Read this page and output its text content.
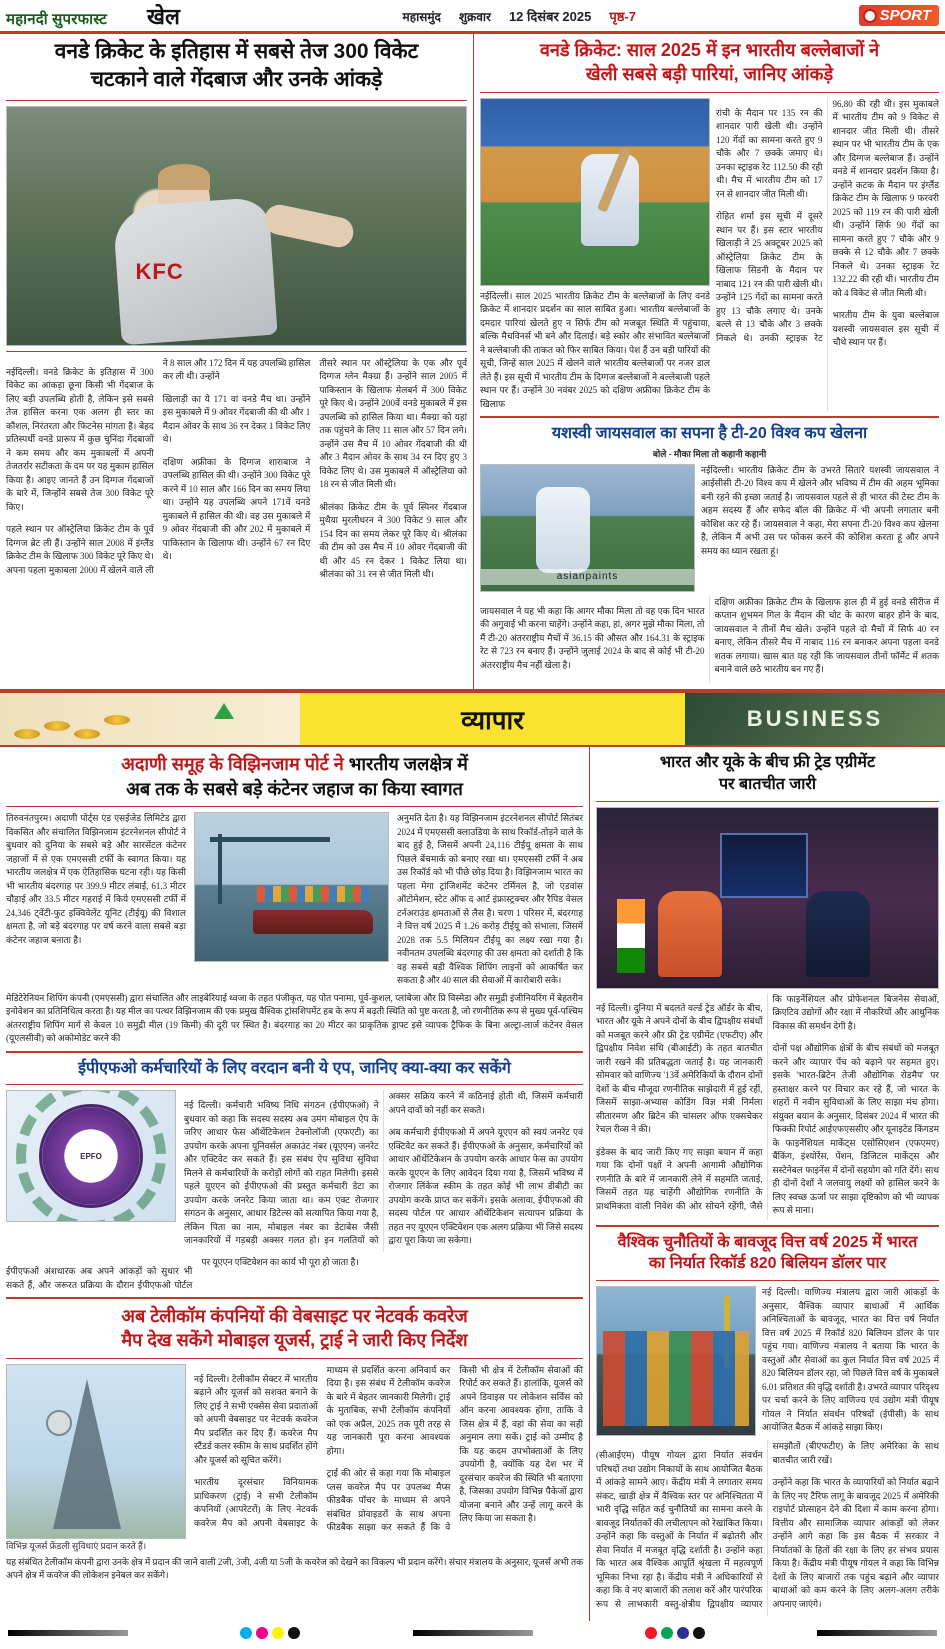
महानदी सुपरफास्ट खेल	महासमुंद शुक्रवार 12 दिसंबर 2025 पृष्ठ-7	SPORT
वनडे क्रिकेट के इतिहास में सबसे तेज 300 विकेट
चटकाने वाले गेंदबाज और उनके आंकड़े
KFC

नईदिल्ली। वनडे क्रिकेट के इतिहास में 300 विकेट का आंकड़ा छूना किसी भी गेंदबाज के लिए बड़ी उपलब्धि होती है, लेकिन इसे सबसे तेज हासिल करना एक अलग ही स्तर का कौशल, निरंतरता और फिटनेस मांगता है। बेहद प्रतिस्पर्धी वनडे प्रारूप में कुछ चुनिंदा गेंदबाजों ने कम समय और कम मुकाबलों में अपनी तेजतर्रार सटीकता के दम पर यह मुकाम हासिल किया है। आइए जानते हैं उन दिग्गज गेंदबाजों के बारे में, जिन्होंने सबसे तेज 300 विकेट पूरे किए।

पहले स्थान पर ऑस्ट्रेलिया क्रिकेट टीम के पूर्व दिग्गज ब्रेट ली हैं। उन्होंने साल 2008 में इंग्लैंड क्रिकेट टीम के खिलाफ 300 विकेट पूरे किए थे। अपना पहला मुकाबला 2000 में खेलने वाले ली ने 8 साल और 172 दिन में यह उपलब्धि हासिल कर ली थी। उन्होंने

खिलाड़ी का ये 171 वां वनडे मैच था। उन्होंने इस मुकाबले में 9 ओवर गेंदबाजी की थी और 1 मैदान ओवर के साथ 36 रन देकर 1 विकेट लिए थे।

दक्षिण अफ्रीका के दिग्गज शाराबाज ने उपलब्धि हासिल की थी। उन्होंने 300 विकेट पूरे करने में 10 साल और 166 दिन का समय लिया था। उन्होंने यह उपलब्धि अपने 171वें वनडे मुकाबले में हासिल की थी। वह उस मुकाबले में 9 ओवर गेंदबाजी की और 202 में मुकाबले में पाकिस्तान के खिलाफ थी। उन्होंने 67 रन दिए थे।

तीसरे स्थान पर ऑस्ट्रेलिया के एक और पूर्व दिग्गज ग्लेन मैक्ग्रा हैं। उन्होंने साल 2005 में पाकिस्तान के खिलाफ मेलबर्न में 300 विकेट पूरे किए थे। उन्होंने 200वें वनडे मुकाबले में इस उपलब्धि को हासिल किया था। मैक्ग्रा को यहां तक पहुंचने के लिए 11 साल और 57 दिन लगे। उन्होंने उस मैच में 10 ओवर गेंदबाजी की थी और 3 मैदान ओवर के साथ 34 रन दिए हुए 3 विकेट लिए थे। उस मुकाबले में ऑस्ट्रेलिया को 18 रन से जीत मिली थी।

श्रीलंका क्रिकेट टीम के पूर्व स्पिनर गेंदबाज मुथैया मुरलीधरन ने 300 विकेट 9 साल और 154 दिन का समय लेकर पूरे किए थे। श्रीलंका की टीम को उस मैच में 10 ओवर गेंदबाजी की थी और 45 रन देकर 1 विकेट लिया था। श्रीलंका को 31 रन से जीत मिली थी।

वनडे क्रिकेट: साल 2025 में इन भारतीय बल्लेबाजों ने
खेली सबसे बड़ी पारियां, जानिए आंकड़े
नईदिल्ली। साल 2025 भारतीय क्रिकेट टीम के बल्लेबाजों के लिए वनडे क्रिकेट में शानदार प्रदर्शन का साल साबित हुआ। भारतीय बल्लेबाजों के दमदार पारियां खेलते हुए न सिर्फ टीम को मजबूत स्थिति में पहुंचाया, बल्कि मैचविनर्स भी बने और दिलाई। बड़े स्कोर और संभावित बल्लेबाजों ने बल्लेबाजी की ताकत को फिर साबित किया। पेश हैं उन बड़ी पारियों की सूची, जिन्हें साल 2025 में खेलने वाले भारतीय बल्लेबाजों पर नजर डाल लेते हैं। इस सूची में भारतीय टीम के दिग्गज बल्लेबाजों ने बल्लेबाजी पहले स्थान पर हैं। उन्होंने 30 नवंबर 2025 को दक्षिण अफ्रीका क्रिकेट टीम के खिलाफ

रांची के मैदान पर 135 रन की शानदार पारी खेली थी। उन्होंने 120 गेंदों का सामना करते हुए 9 चौके और 7 छक्के जमाए थे। उनका स्ट्राइक रेट 112.50 की रही थी। मैच में भारतीय टीम को 17 रन से शानदार जीत मिली थी।

रोहित शर्मा इस सूची में दूसरे स्थान पर हैं। इस स्टार भारतीय खिलाड़ी ने 25 अक्टूबर 2025 को ऑस्ट्रेलिया क्रिकेट टीम के खिलाफ सिडनी के मैदान पर नाबाद 121 रन की पारी खेली थी। उन्होंने 125 गेंदों का सामना करते हुए 13 चौके लगाए थे। उनके बल्ले से 13 चौके और 3 छक्के निकले थे। उनकी स्ट्राइक रेट 96.80 की रही थी। इस मुकाबले में भारतीय टीम को 9 विकेट से शानदार जीत मिली थी। तीसरे स्थान पर भी भारतीय टीम के एक और दिग्गज बल्लेबाज हैं। उन्होंने वनडे में शानदार प्रदर्शन किया है। उन्होंने कटक के मैदान पर इंग्लैंड क्रिकेट टीम के खिलाफ 9 फरवरी 2025 को 119 रन की पारी खेली थी। उन्होंने सिर्फ 90 गेंदों का सामना करते हुए 7 चौके और 9 छक्के से 12 चौके और 7 छक्के निकले थे। उनका स्ट्राइक रेट 132.22 की रही थी। भारतीय टीम को 4 विकेट से जीत मिली थी।

भारतीय टीम के युवा बल्लेबाज यशस्वी जायसवाल इस सूची में चौथे स्थान पर हैं।

यशस्वी जायसवाल का सपना है टी-20 विश्व कप खेलना
बोले - मौका मिला तो कहानी कहानी
asianpaints
नईदिल्ली। भारतीय क्रिकेट टीम के उभरते सितारे यशस्वी जायसवाल ने आईसीसी टी-20 विश्व कप में खेलने और भविष्य में टीम की अहम भूमिका बनी रहने की इच्छा जताई है। जायसवाल पहले से ही भारत की टेस्ट टीम के अहम सदस्य हैं और सफेद बॉल की क्रिकेट में भी अपनी लगातार बनी कोशिश कर रहे हैं। जायसवाल ने कहा, मेरा सपना टी-20 विश्व कप खेलना है, लेकिन मैं अभी उस पर फोकस करने की कोशिश करता हूं और अपने समय का ध्यान रखता हूं।

जायसवाल ने यह भी कहा कि आगर मौका मिला तो वह एक दिन भारत की अगुवाई भी करना चाहेंगे। उन्होंने कहा, हां, अगर मुझे मौका मिला, तो मैं टी-20 अंतरराष्ट्रीय मैचों में 36.15 की औसत और 164.31 के स्ट्राइक रेट से 723 रन बनाए हैं। उन्होंने जुलाई 2024 के बाद से कोई भी टी-20 अंतरराष्ट्रीय मैच नहीं खेला है।

दक्षिण अफ्रीका क्रिकेट टीम के खिलाफ हाल ही में हुई वनडे सीरीज में कप्तान शुभमन गिल के मैदान की चोट के कारण बाहर होने के बाद, जायसवाल ने तीनों मैच खेले। उन्होंने पहले दो मैचों में सिर्फ 40 रन बनाए, लेकिन तीसरे मैच में नाबाद 116 रन बनाकर अपना पहला वनडे शतक लगाया। खास बात यह रही कि जायसवाल तीनों फॉर्मेट में शतक बनाने वाले छठे भारतीय बन गए हैं।

व्यापार	BUSINESS
अदाणी समूह के विझिनजाम पोर्ट ने भारतीय जलक्षेत्र में
अब तक के सबसे बड़े कंटेनर जहाज का किया स्वागत
तिरुवनंतपुरम। अदाणी पोर्ट्स एंड एसईजेड लिमिटेड द्वारा विकसित और संचालित विझिनजाम इंटरनेशनल सीपोर्ट ने बुधवार को दुनिया के सबसे बड़े और सारसेंटल कंटेनर जहाजों में से एक एमएससी टर्फी के स्वागत किया। यह भारतीय जलक्षेत्र में एक ऐतिहासिक घटना रही। यह किसी भी भारतीय बंदरगाह पर 399.9 मीटर लंबाई, 61.3 मीटर चौड़ाई और 33.5 मीटर गहराई में किये एमएससी टर्फी में 24,346 ट्वेंटी-फुट इक्विवेलेंट यूनिट (टीईयू) की विशाल क्षमता है, जो बड़े बंदरगाह पर वर्ष करने वाला सबसे बड़ा कंटेनर जहाज बनाता है।
अनुमति देता है। यह विझिनजाम इंटरनेशनल सीपोर्ट सितंबर 2024 में एमएससी क्लाउडिया के साथ रिकॉर्ड-तोड़ने वाले के बाद हुई है, जिसमें अपनी 24,116 टीईयू क्षमता के साथ पिछले बेंचमार्क को बनाए रखा था। एमएससी टर्फी ने अब उस रिकॉर्ड को भी पीछे छोड़ दिया है। विझिनजाम भारत का पहला मेगा ट्रांजिशमेंट कंटेनर टर्मिनल है, जो एडवांस ऑटोमेशन, स्टेट ऑफ द आर्ट इंफ्रास्ट्रक्चर और रैपिड वेसल टर्नअराउंड क्षमताओं से लैस है। चरण 1 परिसर में, बंदरगाह ने वित्त वर्ष 2025 में 1.26 करोड़ टीईयू को संभाला, जिसमें 2028 तक 5.5 मिलियन टीईयू का लक्ष्य रखा गया है। नवीनतम उपलब्धि बंदरगाह की उस क्षमता को दर्शाती है कि वह सबसे बड़ी वैश्विक शिपिंग लाइनों को आकर्षित कर सकता है और 40 साल की सेवाओं में कारोबारी सके।
मेडिटेरेनियन शिपिंग कंपनी (एमएससी) द्वारा संचालित और लाइबेरियाई ध्वजा के तहत पंजीकृत, यह पोत पनामा, पूर्व-कुशल, प्लांबेजा और प्रि विस्मेडा और समुद्री इंजीनियरिंग में बेहतरीन इनोवेशन का प्रतिनिधित्व करता है। यह मील का पत्थर विझिनजाम की एक प्रमुख वैश्विक ट्रांसशिपमेंट हब के रूप में बढ़ती स्थिति को पुष्ट करता है, जो रणनीतिक रूप से मुख्य पूर्व-पश्चिम अंतरराष्ट्रीय शिपिंग मार्ग से केवल 10 समुद्री मील (19 किमी) की दूरी पर स्थित है। बंदरगाह का 20 मीटर का प्राकृतिक ड्राफ्ट इसे व्यापक ट्रैफिक के बिना अल्ट्रा-लार्ज कंटेनर वेसल (यूएलसीवी) को अकोमोडेट करने की
ईपीएफओ कर्मचारियों के लिए वरदान बनी ये एप, जानिए क्या-क्या कर सकेंगे
EPFO

नई दिल्ली। कर्मचारी भविष्य निधि संगठन (ईपीएफओ) ने बुधवार को कहा कि सदस्य सदस्य अब उमंग मोबाइल ऐप के जरिए आधार फेस ऑथेंटिकेशन टेक्नोलॉजी (एफएटी) का उपयोग करके अपना यूनिवर्सल अकाउंट नंबर (यूएएन) जनरेट और एक्टिवेट कर सकते हैं। इस संबंध ऐप सुविधा सुविधा मिलने से कर्मचारियों के करोड़ों लोगों को राहत मिलेगी। इससे पहले यूएएन को ईपीएफओ की प्रस्तुत कर्मचारी डेटा का उपयोग करके जनरेट किया जाता था। कम एक्ट रोजगार संगठन के अनुसार, आधार डिटेल्स को सत्यापित किया गया है, लेकिन पिता का नाम, मोबाइल नंबर का डेटाबेस जैसी जानकारियों में गड़बड़ी अक्सर गलत हो। इन गलतियों को अक्सर सक्रिय करने में कठिनाई होती थी, जिसमें कर्मचारी अपने दावों को नहीं कर सकते।

अब कर्मचारी ईपीएफओ में अपने यूएएन को स्वयं जनरेट एवं एक्टिवेट कर सकते हैं। ईपीएफओ के अनुसार, कर्मचारियों को आधार ऑथेंटिकेशन के उपयोग करके आधार फेस का उपयोग करके यूएएन के लिए आवेदन दिया गया है, जिसमें भविष्य में रोजगार लिंकेज स्कीम के तहत कोई भी लाभ डीबीटी का उपयोग करके प्राप्त कर सकेंगे। इसके अलावा, ईपीएफओ की सदस्य पोर्टल पर आधार ऑथेंटिकेशन सत्यापन प्रक्रिया के तहत नए यूएएन एक्टिवेशन एक अलग प्रक्रिया भी जिसे सदस्य द्वारा पूरा किया जा सकेगा।

ईपीएफओ अंशधारक अब अपने आंकड़ों को सुधार भी सकते हैं, और जरूरत प्रक्रिया के दौरान ईपीएफओ पोर्टल पर यूएएन एक्टिवेशन का कार्य भी पूरा हो जाता है।

अब टेलीकॉम कंपनियों की वेबसाइट पर नेटवर्क कवरेज
मैप देख सकेंगे मोबाइल यूजर्स, ट्राई ने जारी किए निर्देश
विभिन्न यूजर्स फ्रेंडली सुविधाएं प्रदान करते हैं।

नई दिल्ली। टेलीकॉम सेक्टर में भारतीय बढ़ाने और यूजर्स को सशक्त बनाने के लिए ट्राई ने सभी एक्सेस सेवा प्रदाताओं को अपनी वेबसाइट पर नेटवर्क कवरेज मैप प्रदर्शित कर दिए हैं। कवरेज मैप स्टैंडर्ड कलर स्कीम के साथ प्रदर्शित होंगे और यूजर्स को सूचित करेंगे।

भारतीय दूरसंचार विनियामक प्राधिकरण (ट्राई) ने सभी टेलीकॉम कंपनियों (आपरेटरों) के लिए नेटवर्क कवरेज मैप को अपनी वेबसाइट के माध्यम से प्रदर्शित करना अनिवार्य कर दिया है। इस संबंध में टेलीकॉम कवरेज के बारे में बेहतर जानकारी मिलेगी। ट्राई के मुताबिक, सभी टेलीकॉम कंपनियों को एक अप्रैल, 2025 तक पूरी तरह से यह जानकारी पूरा करना आवश्यक होगा।

ट्राई की ओर से कहा गया कि मोबाइल प्लस कवरेज मैप पर उपलब्ध मैप्स फीडबैक पॉचर के माध्यम से अपने संबंधित प्रोवाइडरों के साथ अपना फीडबैक साझा कर सकते हैं कि वे किसी भी क्षेत्र में टेलीकॉम सेवाओं की रिपोर्ट कर सकते हैं। हालांकि, यूजर्स को अपने डिवाइस पर लोकेशन सर्विस को ऑन करना आवश्यक होगा, ताकि वे जिस क्षेत्र में हैं, वहां की सेवा का सही अनुमान लगा सकें। ट्राई को उम्मीद है कि यह कदम उपभोक्ताओं के लिए उपयोगी है, क्योंकि यह देश भर में दूरसंचार कवरेज की स्थिति भी बताएगा है, जिसका उपयोग विभिन्न पैकेजों द्वारा योजना बनाने और उन्हें लागू करने के लिए किया जा सकता है।

यह संबंधित टेलीकॉम कंपनी द्वारा उनके क्षेत्र में प्रदान की जाने वाली 2जी, 3जी, 4जी या 5जी के कवरेज को देखने का विकल्प भी प्रदान करेंगे। संचार मंत्रालय के अनुसार, यूजर्स अभी तक अपने क्षेत्र में कवरेज की लोकेशन इनेबल कर सकेंगे।
भारत और यूके के बीच फ्री ट्रेड एग्रीमेंट
पर बातचीत जारी

नई दिल्ली। दुनिया में बदलते वर्ल्ड ट्रेड ऑर्डर के बीच, भारत और यूके ने अपने दोनों के बीच द्विपक्षीय संबंधों को मजबूत करने और फ्री ट्रेड एग्रीमेंट (एफटीए) और द्विपक्षीय निवेश संधि (बीआईटी) के तहत बातचीत जारी रखने की प्रतिबद्धता जताई है। यह जानकारी सोमवार को वाणिज्य '13वें अमेरिकियों के दौरान दोनों देशों के बीच मौजूदा रणनीतिक साझेदारी में हुई रहीं, जिसमें साझा-अभ्यास कोडिंग विज्ञ मंत्री निर्मला सीतारमण और ब्रिटेन की चांसलर ऑफ एक्सचेकर रेचल रीव्स ने की।

इंडेक्स के बाद जारी किए गए साझा बयान में कहा गया कि दोनों पक्षों ने अपनी आगामी औद्योगिक रणनीति के बारे में जानकारी लेने में सहमति जताई, जिसमें तहत यह चाहेंगी औद्योगिक रणनीति के प्राथमिकता वाली निवेश की ओर सोचने रहेंगी, जैसे कि फाइनेंशियल और प्रोफेशनल बिजनेस सेवाओं, क्रिएटिव उद्योगों और रक्षा में नौकरियों और आधुनिक विकास की समर्थन देगी है।

दोनों पक्ष औद्योगिक क्षेत्रों के बीच संबंधों को मजबूत करने और व्यापार पेंच को बढ़ाने पर सहमत हुए। इसके 'भारत-ब्रिटेन तेजी औद्योगिक रोडमैप' पर हस्ताक्षर करने पर विचार कर रहे हैं, जो भारत के शहरों में नवीन सुविधाओं के लिए साझा मंच होगा। संयुक्त बयान के अनुसार, दिसंबर 2024 में भारत की फिक्की रिपोर्ट आईएफएससीए और यूनाइटेड किंगडम के फाइनेंशियल मार्केट्स एसोसिएशन (एफएमए) बैंकिंग, इंश्योरेंस, पेंशन, डिजिटल मार्केट्स और सस्टेनेबल फाइनेंस में दोनों सहयोग को गति देंगे। साथ ही दोनों देशों ने जलवायु लक्ष्यों को हासिल करने के लिए स्वच्छ ऊर्जा पर साझा दृष्टिकोण को भी व्यापक रूप से माना।

वैश्विक चुनौतियों के बावजूद वित्त वर्ष 2025 में भारत
का निर्यात रिकॉर्ड 820 बिलियन डॉलर पार
नई दिल्ली। वाणिज्य मंत्रालय द्वारा जारी आंकड़ों के अनुसार, वैश्विक व्यापार बाधाओं में आर्थिक अनिश्चिताओं के बावजूद, भारत का वित्त वर्ष निर्यात वित्त वर्ष 2025 में रिकॉर्ड 820 बिलियन डॉलर के पार पहुंच गया। वाणिज्य मंत्रालय ने बताया कि भारत के वस्तुओं और सेवाओं का कुल निर्यात वित्त वर्ष 2025 में 820 बिलियन डॉलर रहा, जो पिछले वित्त वर्ष के मुकाबले 6.01 प्रतिशत की वृद्धि दर्शाती है। उभरते व्यापार परिदृश्य पर चर्चा करने के लिए वाणिज्य एवं उद्योग मंत्री पीयूष गोयल ने निर्यात संवर्धन परिषदों (ईपीसी) के साथ आयोजित बैठक में आंकड़े साझा किए।

(सीआईएम) पीयूष गोयल द्वारा निर्यात संवर्धन परिषदों तथा उद्योग निकायों के साथ आयोजित बैठक में आंकड़े सामने आए। केंद्रीय मंत्री ने लगातार समय संकट, खाड़ी क्षेत्र में वैश्विक स्तर पर अनिश्चितता में भारी वृद्धि सहित कई चुनौतियों का सामना करने के बावजूद निर्यातकों की लचीलापन को रेखांकित किया। उन्होंने कहा कि वस्तुओं के निर्यात में बढ़ोतरी और सेवा निर्यात में मजबूत वृद्धि दर्शाती है। उन्होंने कहा कि भारत अब वैश्विक आपूर्ति श्रृंखला में महत्वपूर्ण भूमिका निभा रहा है। केंद्रीय मंत्री ने अधिकारियों से कहा कि वे नए बाजारों की तलाश करें और पारंपरिक रूप से लाभकारी वस्तु-क्षेत्रीय द्विपक्षीय व्यापार समझौतों (बीएफटीए) के लिए अमेरिका के साथ बातचीत जारी रखें।

उन्होंने कहा कि भारत के व्यापारियों को निर्यात बढ़ाने के लिए नए टैरिफ लागू के बावजूद 2025 में अमेरिकी राइपोर्ट प्रोत्साहन देने की दिशा में काम करना होगा। वित्तीय और सामाजिक व्यापार आंकड़ों को लेकर उन्होंने आगे कहा कि इस बैठक में सरकार ने निर्यातकों के हितों की रक्षा के लिए हर संभव प्रयास किया है। केंद्रीय मंत्री पीयूष गोयल ने कहा कि विभिन्न देशों के लिए बाजारों तक पहुंच बढ़ाने और व्यापार बाधाओं को कम करने के लिए अलग-अलग तरीके अपनाए जाएंगे।
